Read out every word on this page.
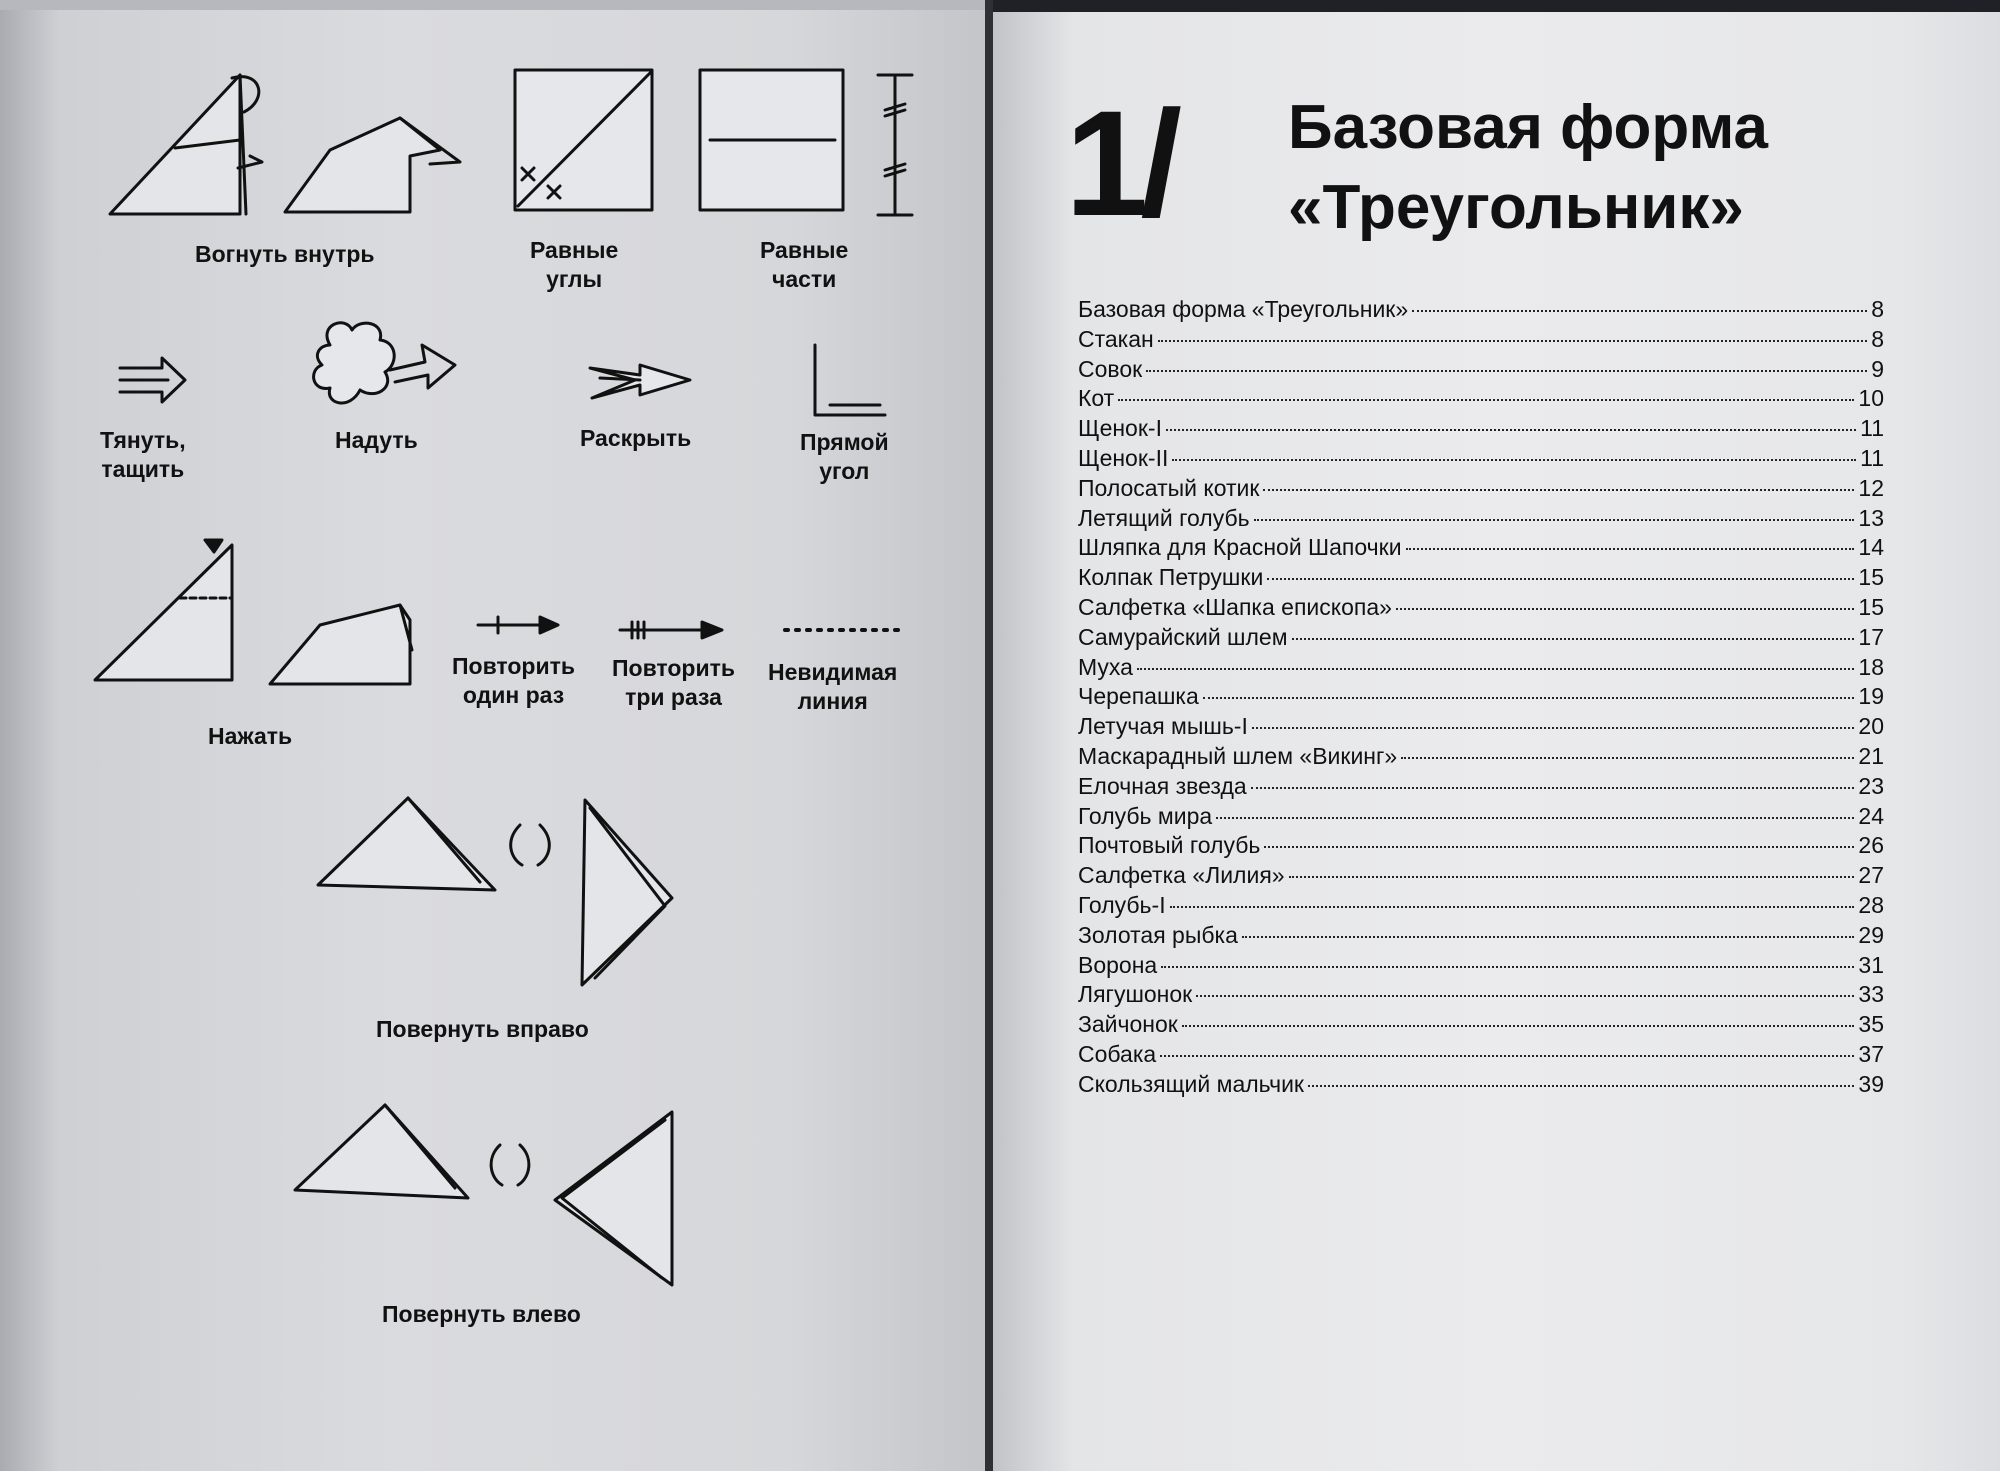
Вогнуть внутрь	Равные
углы
Равные
части
Тянуть,
тащить
Надуть	Раскрыть	Прямой
угол
Нажать
Повторить
один раз
Повторить
три раза
Невидимая
линия
Повернуть вправо
Повернуть влево
1/ Базовая форма
«Треугольник»
Базовая форма «Треугольник»	8
Стакан	8
Совок	9
Кот	10
Щенок-I	11
Щенок-II	11
Полосатый котик	12
Летящий голубь	13
Шляпка для Красной Шапочки	14
Колпак Петрушки	15
Салфетка «Шапка епископа»	15
Самурайский шлем	17
Муха	18
Черепашка	19
Летучая мышь-I	20
Маскарадный шлем «Викинг»	21
Елочная звезда	23
Голубь мира	24
Почтовый голубь	26
Салфетка «Лилия»	27
Голубь-I	28
Золотая рыбка	29
Ворона	31
Лягушонок	33
Зайчонок	35
Собака	37
Скользящий мальчик	39
